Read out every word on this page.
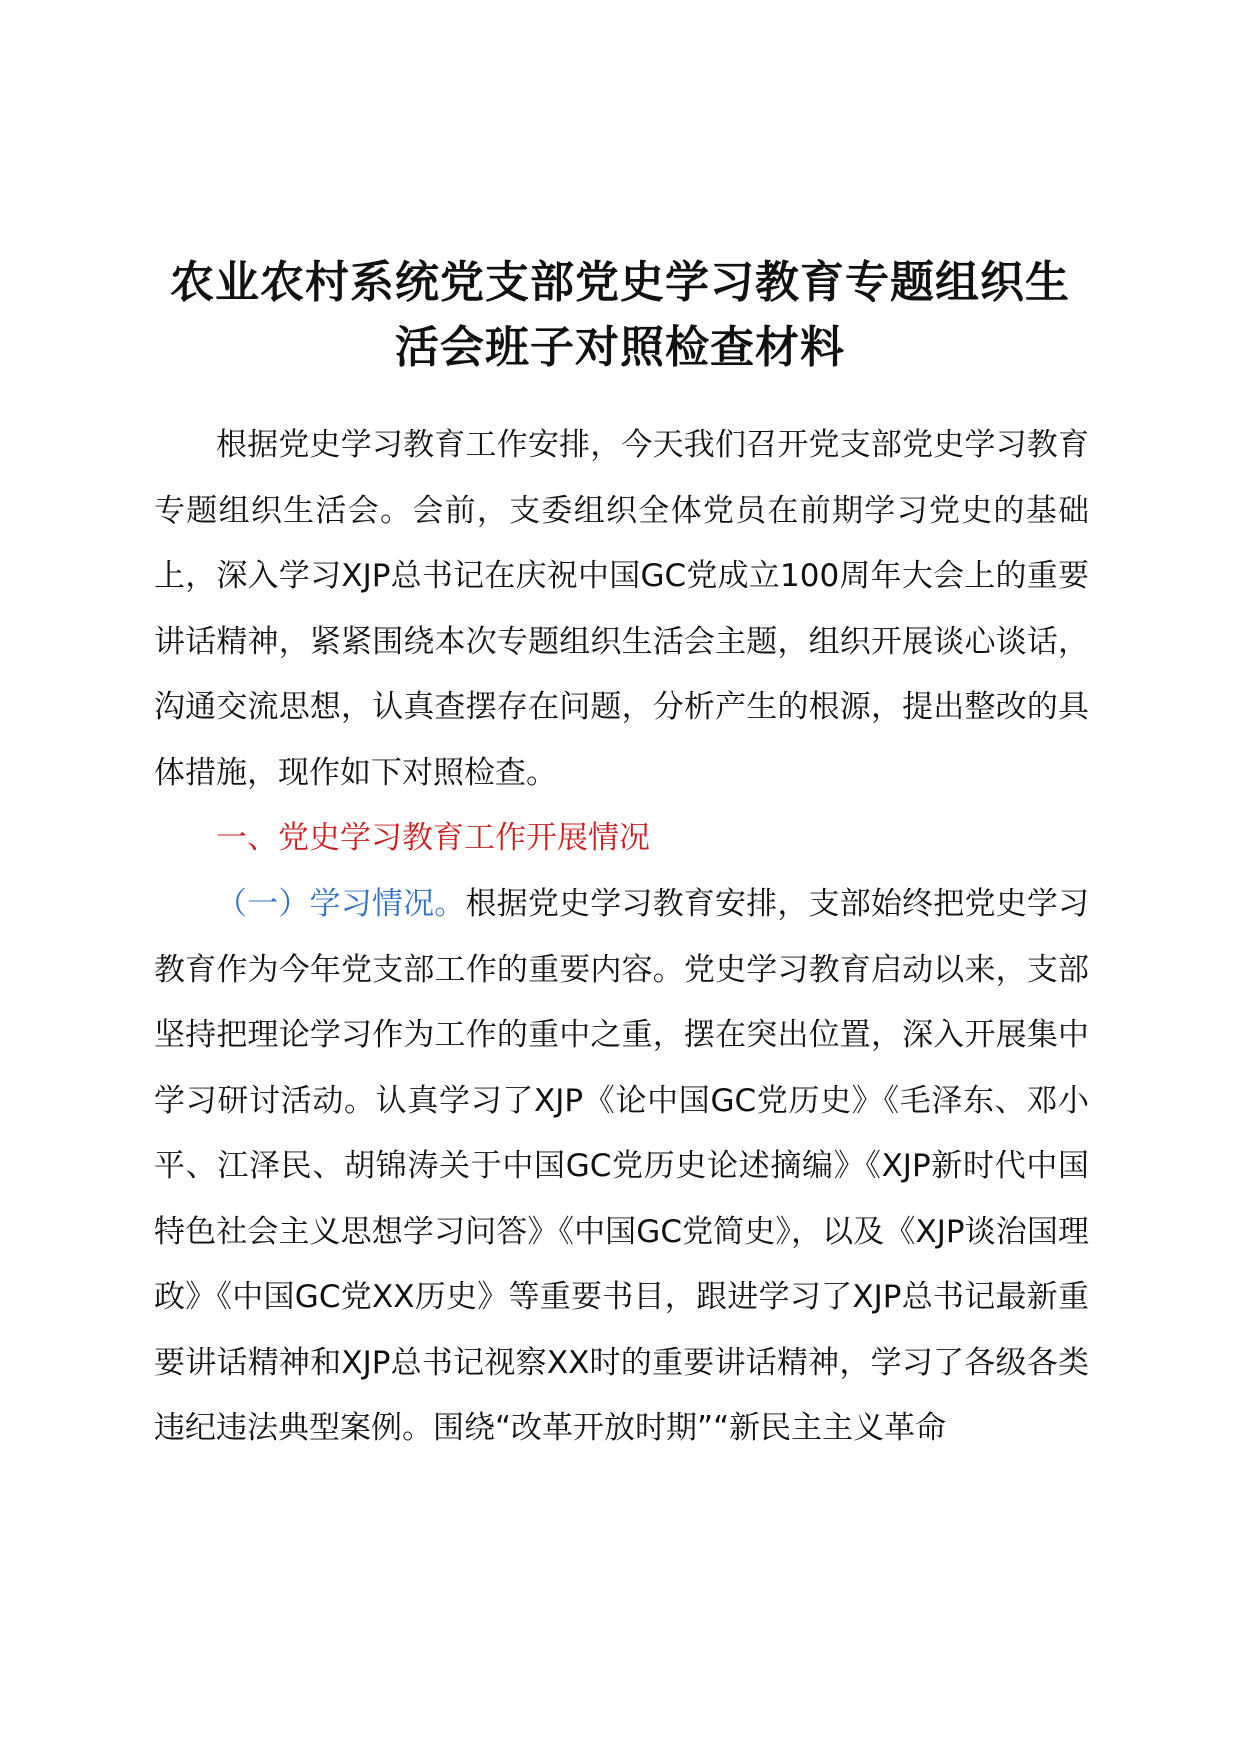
农业农村系统党支部党史学习教育专题组织生
活会班子对照检查材料

根据党史学习教育工作安排，今天我们召开党支部党史学习教育专题组织生活会。会前，支委组织全体党员在前期学习党史的基础上，深入学习XJP总书记在庆祝中国GC党成立100周年大会上的重要讲话精神，紧紧围绕本次专题组织生活会主题，组织开展谈心谈话，沟通交流思想，认真查摆存在问题，分析产生的根源，提出整改的具体措施，现作如下对照检查。

一、党史学习教育工作开展情况

（一）学习情况。根据党史学习教育安排，支部始终把党史学习教育作为今年党支部工作的重要内容。党史学习教育启动以来，支部坚持把理论学习作为工作的重中之重，摆在突出位置，深入开展集中学习研讨活动。认真学习了XJP《论中国GC党历史》《毛泽东、邓小平、江泽民、胡锦涛关于中国GC党历史论述摘编》《XJP新时代中国特色社会主义思想学习问答》《中国GC党简史》，以及《XJP谈治国理政》《中国GC党XX历史》等重要书目，跟进学习了XJP总书记最新重要讲话精神和XJP总书记视察XX时的重要讲话精神，学习了各级各类违纪违法典型案例。围绕“改革开放时期”“新民主主义革命
